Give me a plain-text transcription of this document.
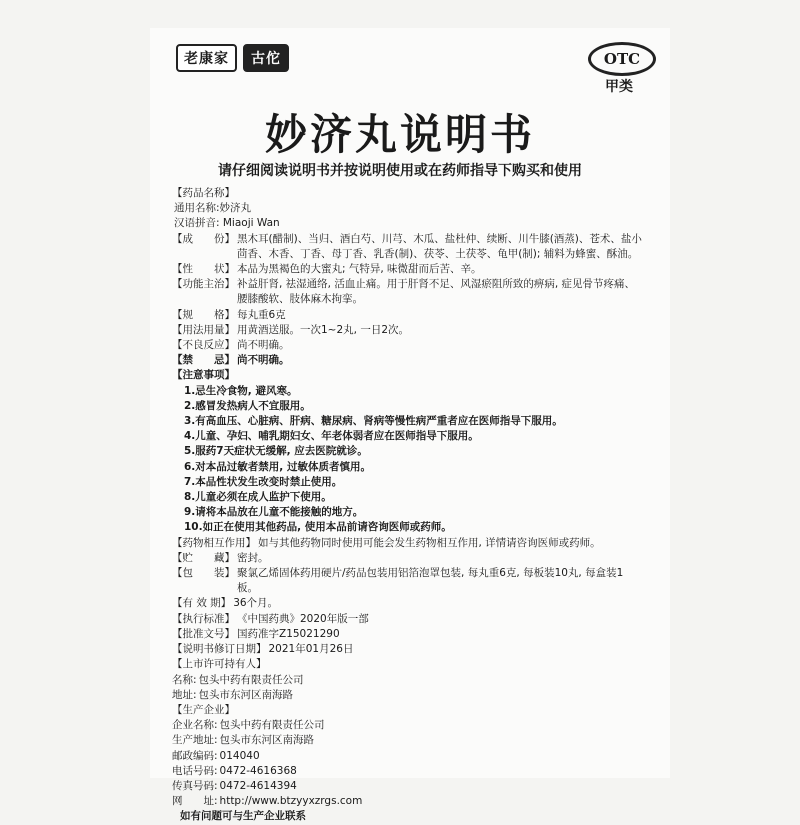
老康家	古佗	OTC
甲类
妙济丸说明书
请仔细阅读说明书并按说明使用或在药师指导下购买和使用
【药品名称】
通用名称:妙济丸
汉语拼音: Miaoji Wan
【成　　份】 黑木耳(醋制)、当归、酒白芍、川芎、木瓜、盐杜仲、续断、川牛膝(酒蒸)、苍术、盐小茴香、木香、丁香、母丁香、乳香(制)、茯苓、土茯苓、龟甲(制); 辅料为蜂蜜、酥油。
【性　　状】 本品为黑褐色的大蜜丸; 气特异, 味微甜而后苦、辛。
【功能主治】 补益肝肾, 祛湿通络, 活血止痛。用于肝肾不足、风湿瘀阻所致的痹病, 症见骨节疼痛、腰膝酸软、肢体麻木拘挛。
【规　　格】 每丸重6克
【用法用量】 用黄酒送服。一次1~2丸, 一日2次。
【不良反应】 尚不明确。
【禁　　忌】 尚不明确。
【注意事项】
1.忌生冷食物, 避风寒。
2.感冒发热病人不宜服用。
3.有高血压、心脏病、肝病、糖尿病、肾病等慢性病严重者应在医师指导下服用。
4.儿童、孕妇、哺乳期妇女、年老体弱者应在医师指导下服用。
5.服药7天症状无缓解, 应去医院就诊。
6.对本品过敏者禁用, 过敏体质者慎用。
7.本品性状发生改变时禁止使用。
8.儿童必须在成人监护下使用。
9.请将本品放在儿童不能接触的地方。
10.如正在使用其他药品, 使用本品前请咨询医师或药师。
【药物相互作用】 如与其他药物同时使用可能会发生药物相互作用, 详情请咨询医师或药师。
【贮　　藏】 密封。
【包　　装】 聚氯乙烯固体药用硬片/药品包装用铝箔泡罩包装, 每丸重6克, 每板装10丸, 每盒装1板。
【有 效 期】 36个月。
【执行标准】 《中国药典》2020年版一部
【批准文号】 国药准字Z15021290
【说明书修订日期】 2021年01月26日
【上市许可持有人】
名称: 包头中药有限责任公司
地址: 包头市东河区南海路
【生产企业】
企业名称: 包头中药有限责任公司
生产地址: 包头市东河区南海路
邮政编码: 014040
电话号码: 0472-4616368
传真号码: 0472-4614394
网　　址: http://www.btzyyxzrgs.com
如有问题可与生产企业联系
